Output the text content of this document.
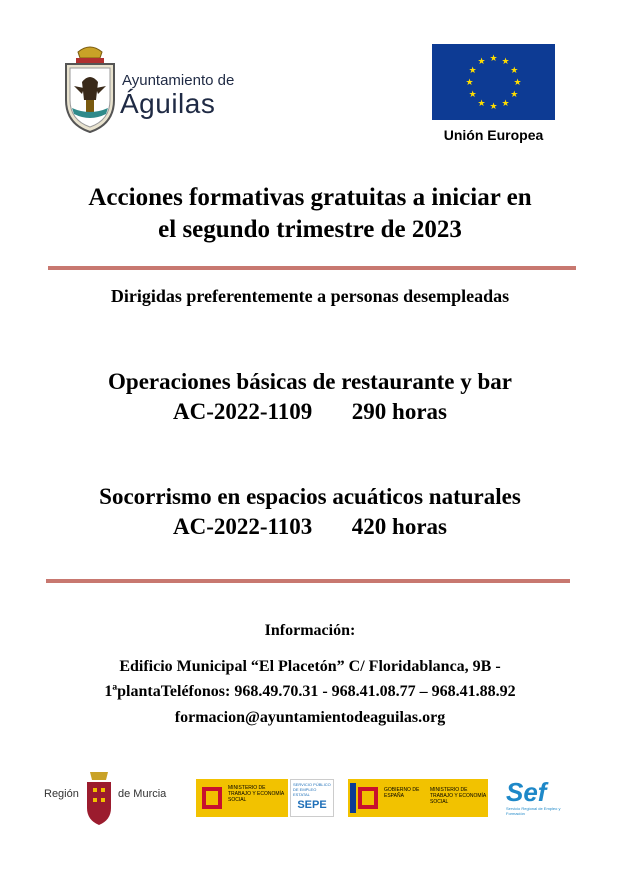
Ayuntamiento de
Águilas
★ ★
★
★
★
★
★
★
★
★
★
★
Unión Europea
Acciones formativas gratuitas a iniciar en
el segundo trimestre de 2023
Dirigidas preferentemente a personas desempleadas
Operaciones básicas de restaurante y bar
AC-2022-1109 290 horas
Socorrismo en espacios acuáticos naturales
AC-2022-1103 420 horas
Información:
Edificio Municipal “El Placetón” C/ Floridablanca, 9B -
1ªplantaTeléfonos: 968.49.70.31 - 968.41.08.77 – 968.41.88.92
formacion@ayuntamientodeaguilas.org
Región	de Murcia	MINISTERIO DE TRABAJO Y ECONOMÍA SOCIAL
SERVICIO PÚBLICO DE EMPLEO ESTATAL
SEPE
GOBIERNO DE ESPAÑA
MINISTERIO DE TRABAJO Y ECONOMÍA SOCIAL	Sef
Servicio Regional de Empleo y Formación
